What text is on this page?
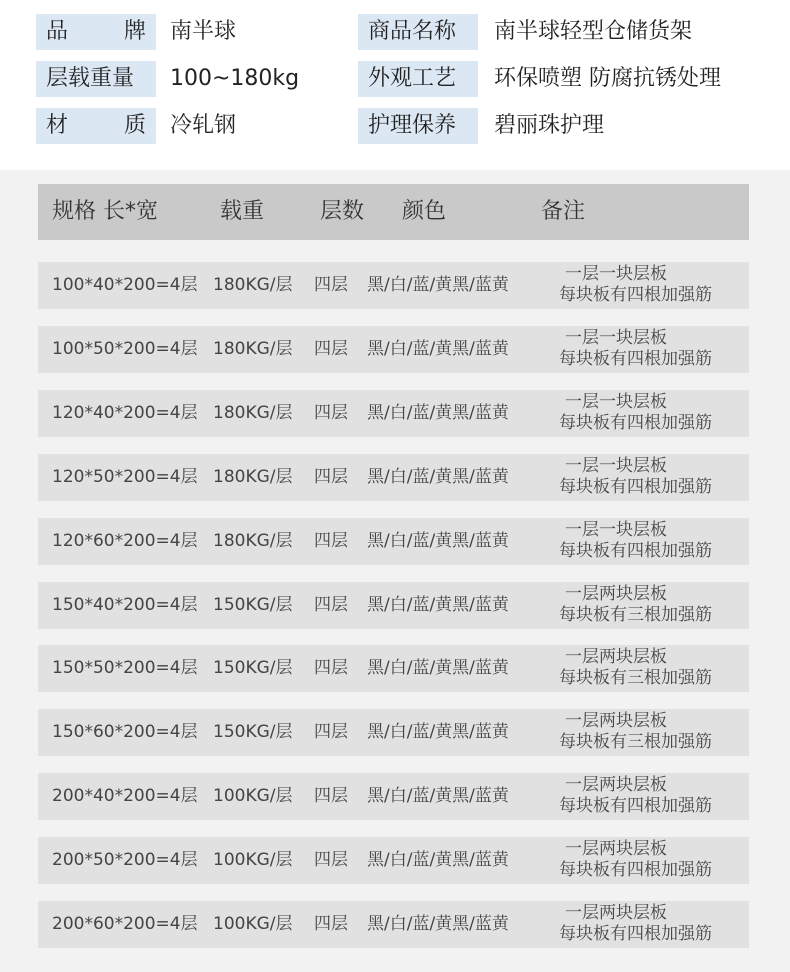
品	牌 南半球	商品名称	南半球轻型仓储货架
层载重量	100~180kg	外观工艺	环保喷塑 防腐抗锈处理
材	质 冷轧钢	护理保养	碧丽珠护理
规格 长*宽	载重	层数 颜色	备注
100*40*200=4层 180KG/层 四层 黑/白/蓝/黄黑/蓝黄
一层一块层板
每块板有四根加强筋
100*50*200=4层 180KG/层 四层 黑/白/蓝/黄黑/蓝黄
一层一块层板
每块板有四根加强筋
120*40*200=4层 180KG/层 四层 黑/白/蓝/黄黑/蓝黄
一层一块层板
每块板有四根加强筋
120*50*200=4层 180KG/层 四层 黑/白/蓝/黄黑/蓝黄
一层一块层板
每块板有四根加强筋
120*60*200=4层 180KG/层 四层 黑/白/蓝/黄黑/蓝黄
一层一块层板
每块板有四根加强筋
150*40*200=4层 150KG/层 四层 黑/白/蓝/黄黑/蓝黄
一层两块层板
每块板有三根加强筋
150*50*200=4层 150KG/层 四层 黑/白/蓝/黄黑/蓝黄
一层两块层板
每块板有三根加强筋
150*60*200=4层 150KG/层 四层 黑/白/蓝/黄黑/蓝黄
一层两块层板
每块板有三根加强筋
200*40*200=4层 100KG/层 四层 黑/白/蓝/黄黑/蓝黄
一层两块层板
每块板有四根加强筋
200*50*200=4层 100KG/层 四层 黑/白/蓝/黄黑/蓝黄
一层两块层板
每块板有四根加强筋
200*60*200=4层 100KG/层 四层 黑/白/蓝/黄黑/蓝黄
一层两块层板
每块板有四根加强筋
